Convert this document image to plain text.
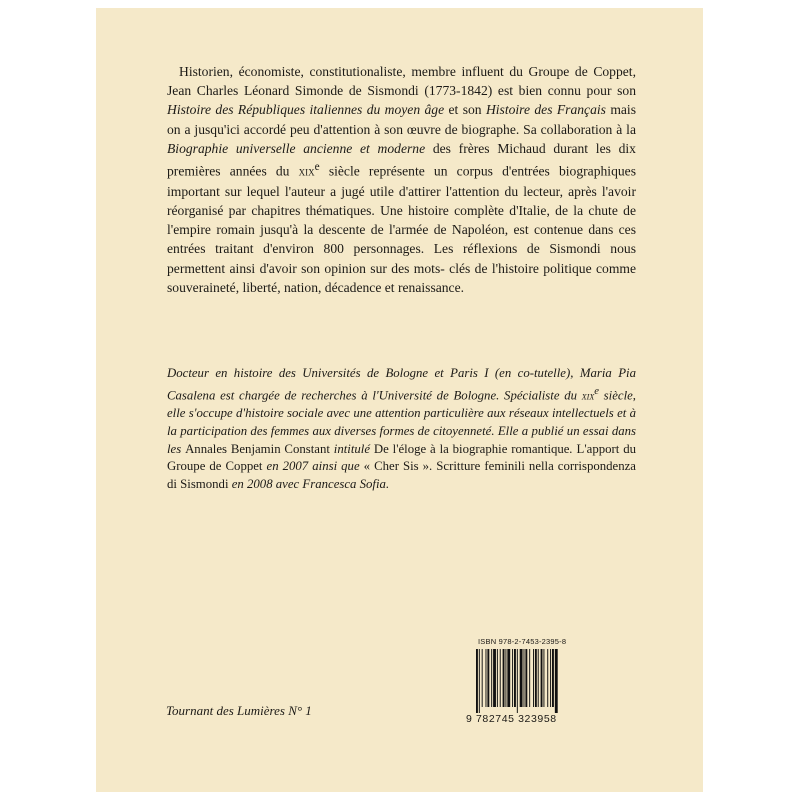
Historien, économiste, constitutionaliste, membre influent du Groupe de Coppet, Jean Charles Léonard Simonde de Sismondi (1773-1842) est bien connu pour son Histoire des Républiques italiennes du moyen âge et son Histoire des Français mais on a jusqu'ici accordé peu d'attention à son œuvre de biographe. Sa collaboration à la Biographie universelle ancienne et moderne des frères Michaud durant les dix premières années du xix$^e$ siècle représente un corpus d'entrées biographiques important sur lequel l'auteur a jugé utile d'attirer l'attention du lecteur, après l'avoir réorganisé par chapitres thématiques. Une histoire complète d'Italie, de la chute de l'empire romain jusqu'à la descente de l'armée de Napoléon, est contenue dans ces entrées traitant d'environ 800 personnages. Les réflexions de Sismondi nous permettent ainsi d'avoir son opinion sur des mots- clés de l'histoire politique comme souveraineté, liberté, nation, décadence et renaissance.

Docteur en histoire des Universités de Bologne et Paris I (en co-tutelle), Maria Pia Casalena est chargée de recherches à l'Université de Bologne. Spécialiste du xix$^e$ siècle, elle s'occupe d'histoire sociale avec une attention particulière aux réseaux intellectuels et à la participation des femmes aux diverses formes de citoyenneté. Elle a publié un essai dans les Annales Benjamin Constant intitulé De l'éloge à la biographie romantique. L'apport du Groupe de Coppet en 2007 ainsi que « Cher Sis ». Scritture feminili nella corrispondenza di Sismondi en 2008 avec Francesca Sofia.

Tournant des Lumières N° 1
ISBN 978-2-7453-2395-8
9 782745 323958
